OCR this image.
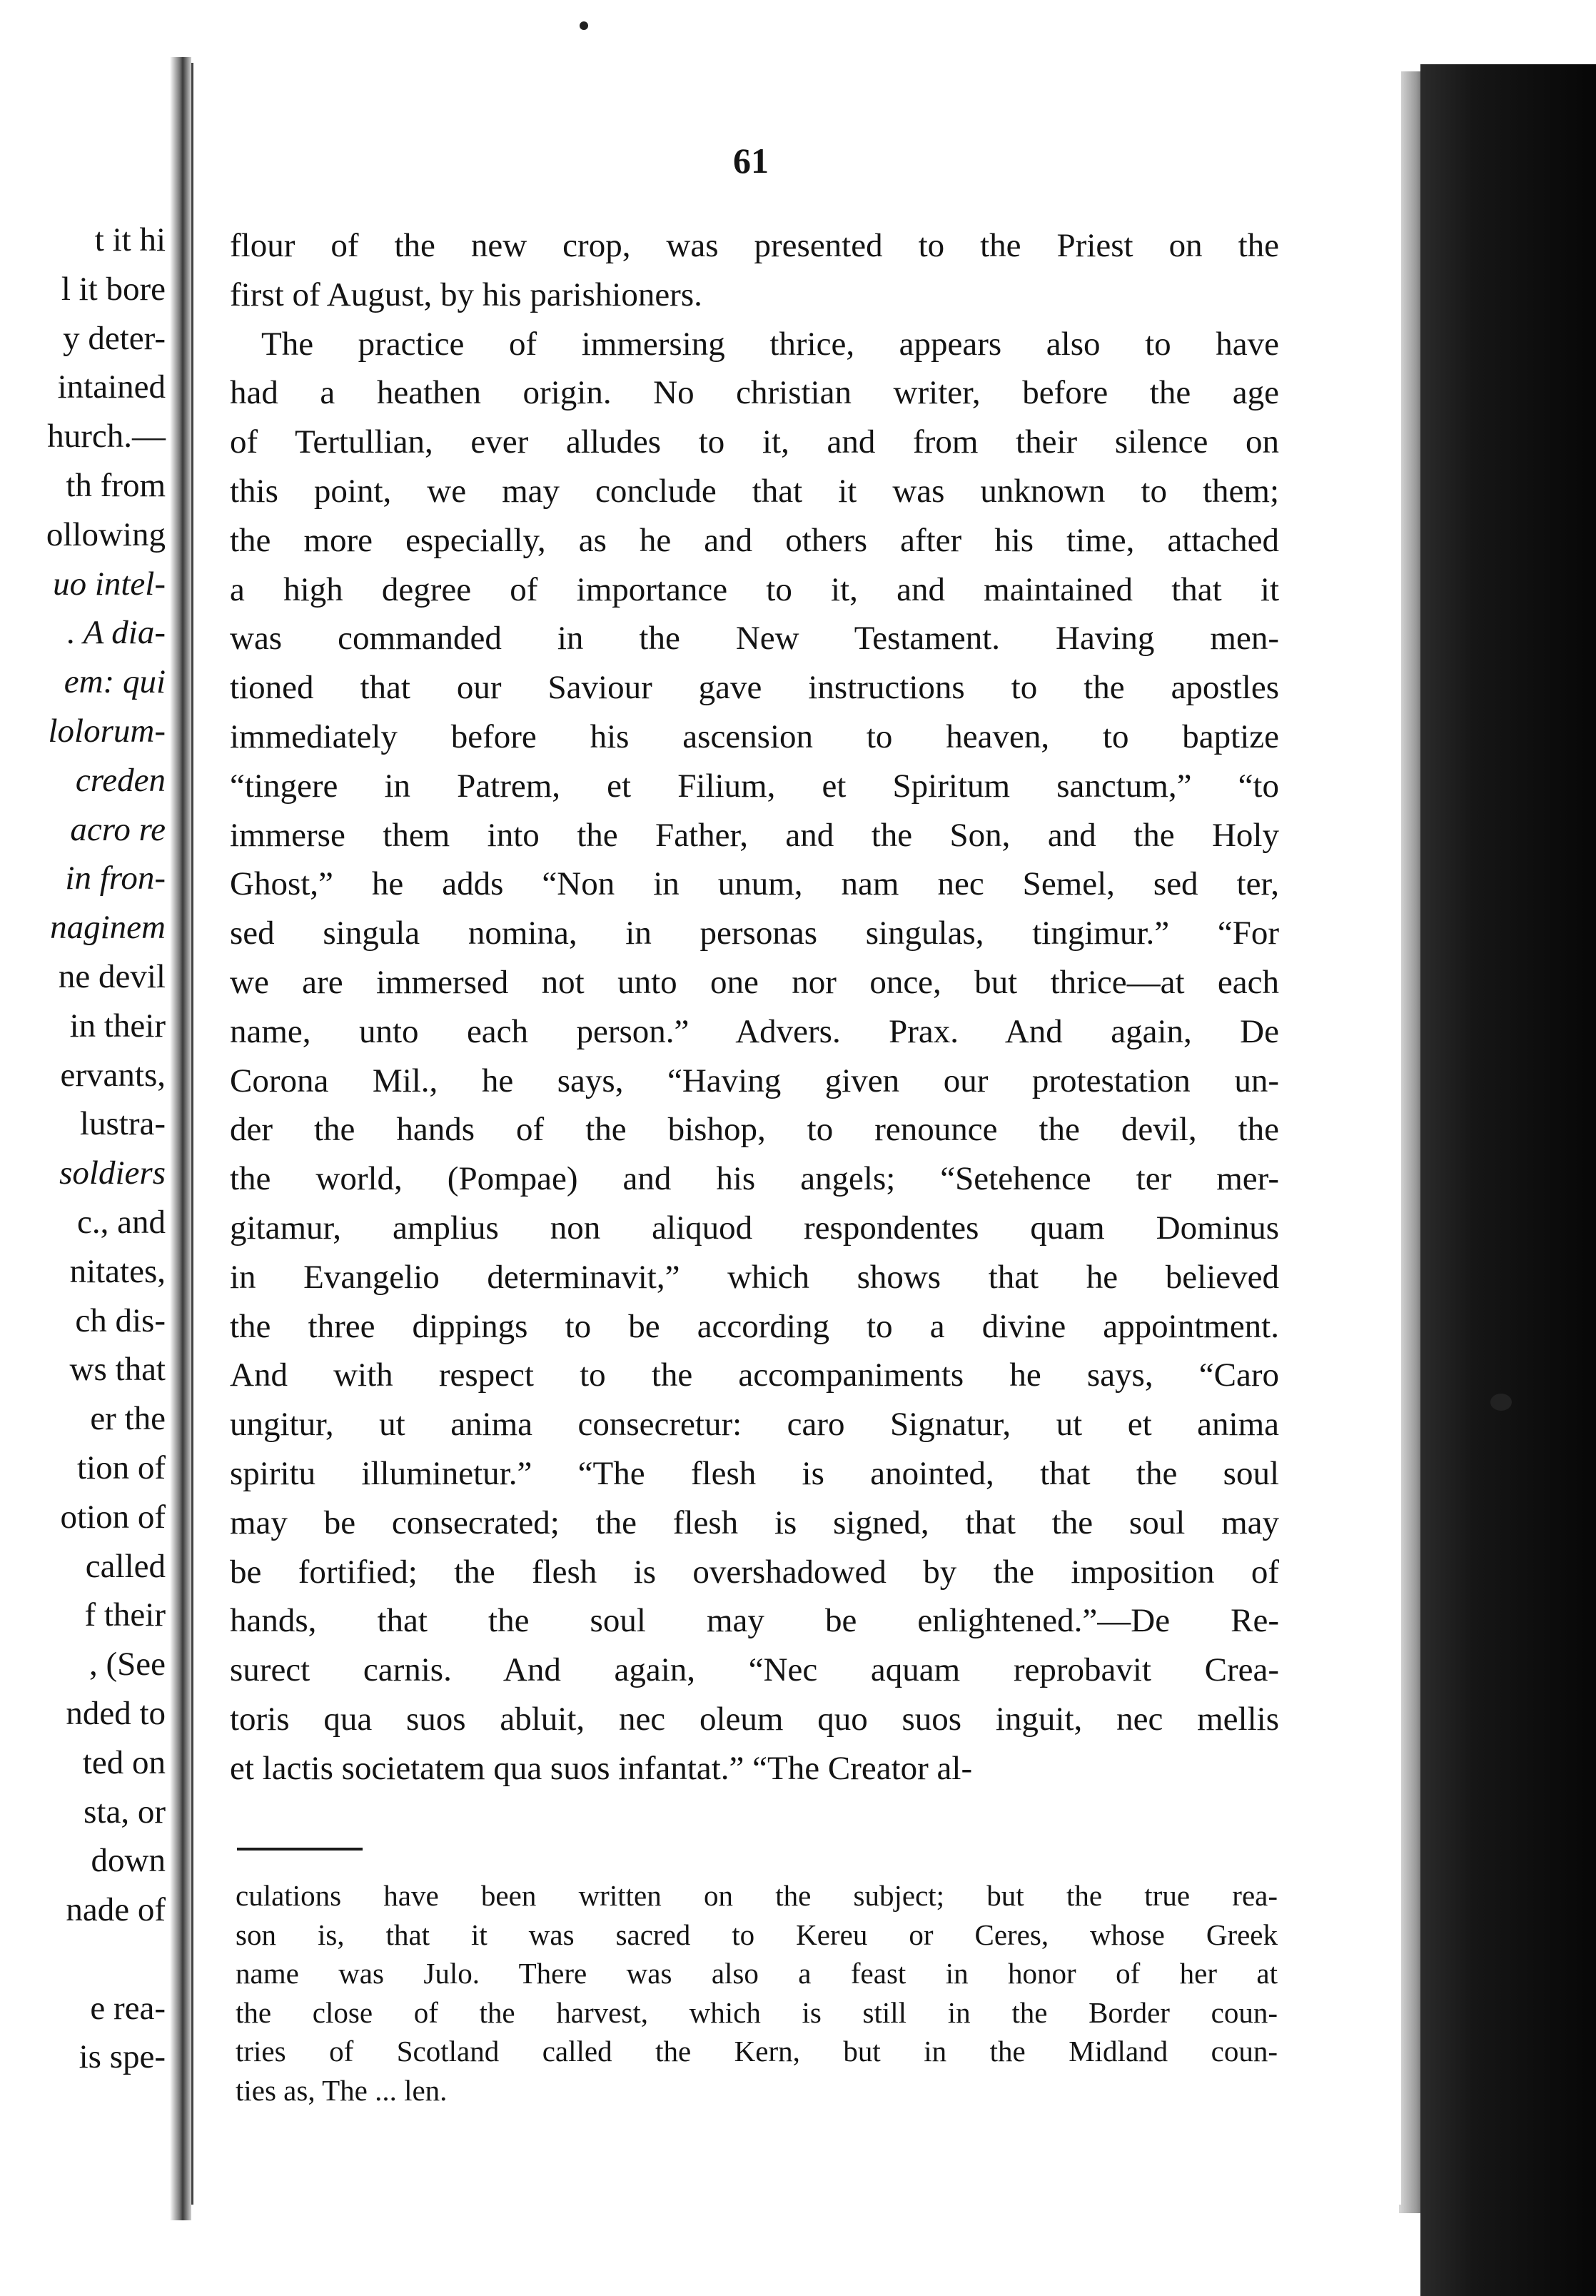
t it hi
l it bore
y deter-
intained
hurch.—
th from
ollowing
uo intel-
. A dia-
em: qui
lolorum-
creden
acro re
in fron-
naginem
ne devil
in their
ervants,
lustra-
soldiers
c., and
nitates,
ch dis-
ws that
er the
tion of
otion of
called
f their
, (See
nded to
ted on
sta, or
down
nade of
e rea-
is spe-
61
flour of the new crop, was presented to the Priest on the
first of August, by his parishioners.
The practice of immersing thrice, appears also to have
had a heathen origin. No christian writer, before the age
of Tertullian, ever alludes to it, and from their silence on
this point, we may conclude that it was unknown to them;
the more especially, as he and others after his time, attached
a high degree of importance to it, and maintained that it
was commanded in the New Testament. Having men-
tioned that our Saviour gave instructions to the apostles
immediately before his ascension to heaven, to baptize
“tingere in Patrem, et Filium, et Spiritum sanctum,” “to
immerse them into the Father, and the Son, and the Holy
Ghost,” he adds “Non in unum, nam nec Semel, sed ter,
sed singula nomina, in personas singulas, tingimur.” “For
we are immersed not unto one nor once, but thrice—at each
name, unto each person.” Advers. Prax. And again, De
Corona Mil., he says, “Having given our protestation un-
der the hands of the bishop, to renounce the devil, the
the world, (Pompae) and his angels; “Setehence ter mer-
gitamur, amplius non aliquod respondentes quam Dominus
in Evangelio determinavit,” which shows that he believed
the three dippings to be according to a divine appointment.
And with respect to the accompaniments he says, “Caro
ungitur, ut anima consecretur: caro Signatur, ut et anima
spiritu illuminetur.” “The flesh is anointed, that the soul
may be consecrated; the flesh is signed, that the soul may
be fortified; the flesh is overshadowed by the imposition of
hands, that the soul may be enlightened.”—De Re-
surect carnis. And again, “Nec aquam reprobavit Crea-
toris qua suos abluit, nec oleum quo suos inguit, nec mellis
et lactis societatem qua suos infantat.” “The Creator al-
culations have been written on the subject; but the true rea-
son is, that it was sacred to Kereu or Ceres, whose Greek
name was Julo. There was also a feast in honor of her at
the close of the harvest, which is still in the Border coun-
tries of Scotland called the Kern, but in the Midland coun-
ties as, The ... len.
